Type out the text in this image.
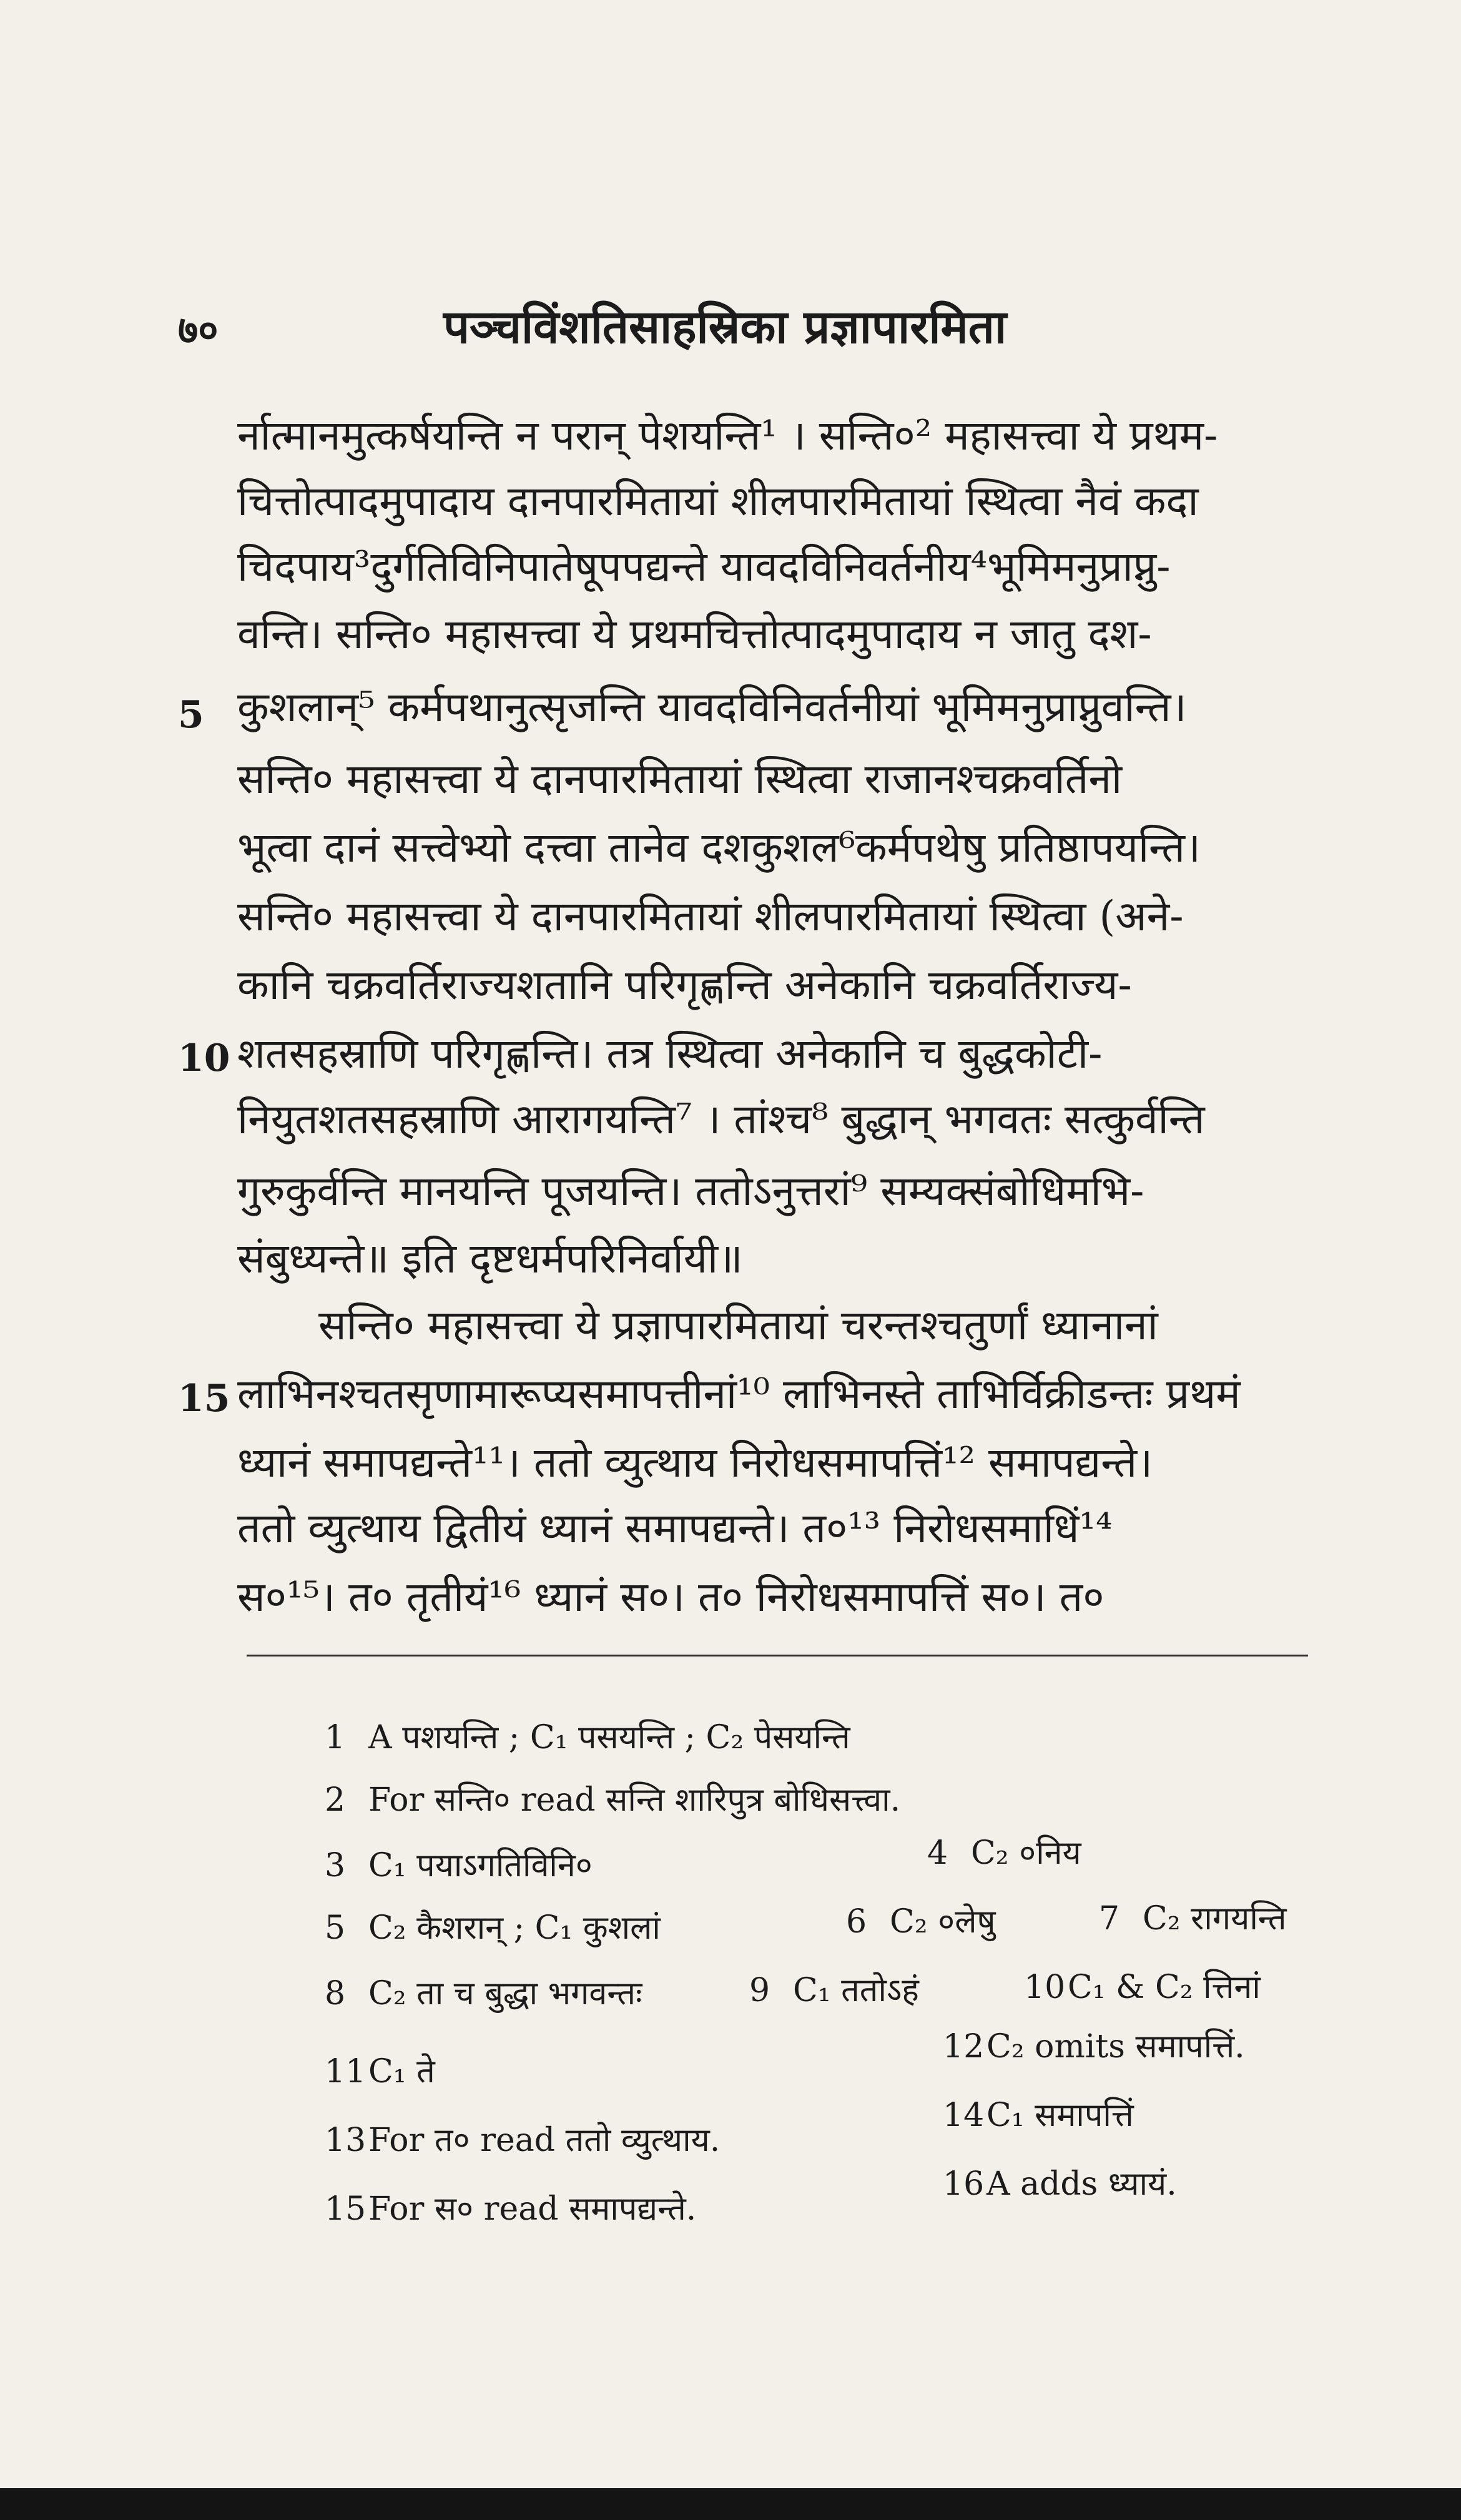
७०	पञ्चविंशतिसाहस्रिका प्रज्ञापारमिता
र्नात्मानमुत्कर्षयन्ति न परान् पेशयन्ति¹ । सन्ति०² महासत्त्वा ये प्रथम-
चित्तोत्पादमुपादाय दानपारमितायां शीलपारमितायां स्थित्वा नैवं कदा
चिदपाय³दुर्गतिविनिपातेषूपपद्यन्ते यावदविनिवर्तनीय⁴भूमिमनुप्राप्नु-
वन्ति। सन्ति० महासत्त्वा ये प्रथमचित्तोत्पादमुपादाय न जातु दश-
कुशलान्⁵ कर्मपथानुत्सृजन्ति यावदविनिवर्तनीयां भूमिमनुप्राप्नुवन्ति।
सन्ति० महासत्त्वा ये दानपारमितायां स्थित्वा राजानश्चक्रवर्तिनो
भूत्वा दानं सत्त्वेभ्यो दत्त्वा तानेव दशकुशल⁶कर्मपथेषु प्रतिष्ठापयन्ति।
सन्ति० महासत्त्वा ये दानपारमितायां शीलपारमितायां स्थित्वा (अने-
कानि चक्रवर्तिराज्यशतानि परिगृह्णन्ति अनेकानि चक्रवर्तिराज्य-
शतसहस्राणि परिगृह्णन्ति। तत्र स्थित्वा अनेकानि च बुद्धकोटी-
नियुतशतसहस्राणि आरागयन्ति⁷ । तांश्च⁸ बुद्धान् भगवतः सत्कुर्वन्ति
गुरुकुर्वन्ति मानयन्ति पूजयन्ति। ततोऽनुत्तरां⁹ सम्यक्संबोधिमभि-
संबुध्यन्ते॥ इति दृष्टधर्मपरिनिर्वायी॥
सन्ति० महासत्त्वा ये प्रज्ञापारमितायां चरन्तश्चतुर्णां ध्यानानां
लाभिनश्चतसृणामारूप्यसमापत्तीनां¹⁰ लाभिनस्ते ताभिर्विक्रीडन्तः प्रथमं
ध्यानं समापद्यन्ते¹¹। ततो व्युत्थाय निरोधसमापत्तिं¹² समापद्यन्ते।
ततो व्युत्थाय द्वितीयं ध्यानं समापद्यन्ते। त०¹³ निरोधसमाधिं¹⁴
स०¹⁵। त० तृतीयं¹⁶ ध्यानं स०। त० निरोधसमापत्तिं स०। त०
5
10
15
1 A पशयन्ति ; C₁ पसयन्ति ; C₂ पेसयन्ति
2 For सन्ति० read सन्ति शारिपुत्र बोधिसत्त्वा.
3 C₁ पयाऽगतिविनि०	4 C₂ ०निय
5 C₂ कैशरान् ; C₁ कुशलां	6 C₂ ०लेषु	7 C₂ रागयन्ति
8 C₂ ता च बुद्धा भगवन्तः	9 C₁ ततोऽहं	10C₁ & C₂ त्तिनां
11C₁ ते
12C₂ omits समापत्तिं.
13For त० read ततो व्युत्थाय.
14C₁ समापत्तिं
15For स० read समापद्यन्ते.
16A adds ध्यायं.
